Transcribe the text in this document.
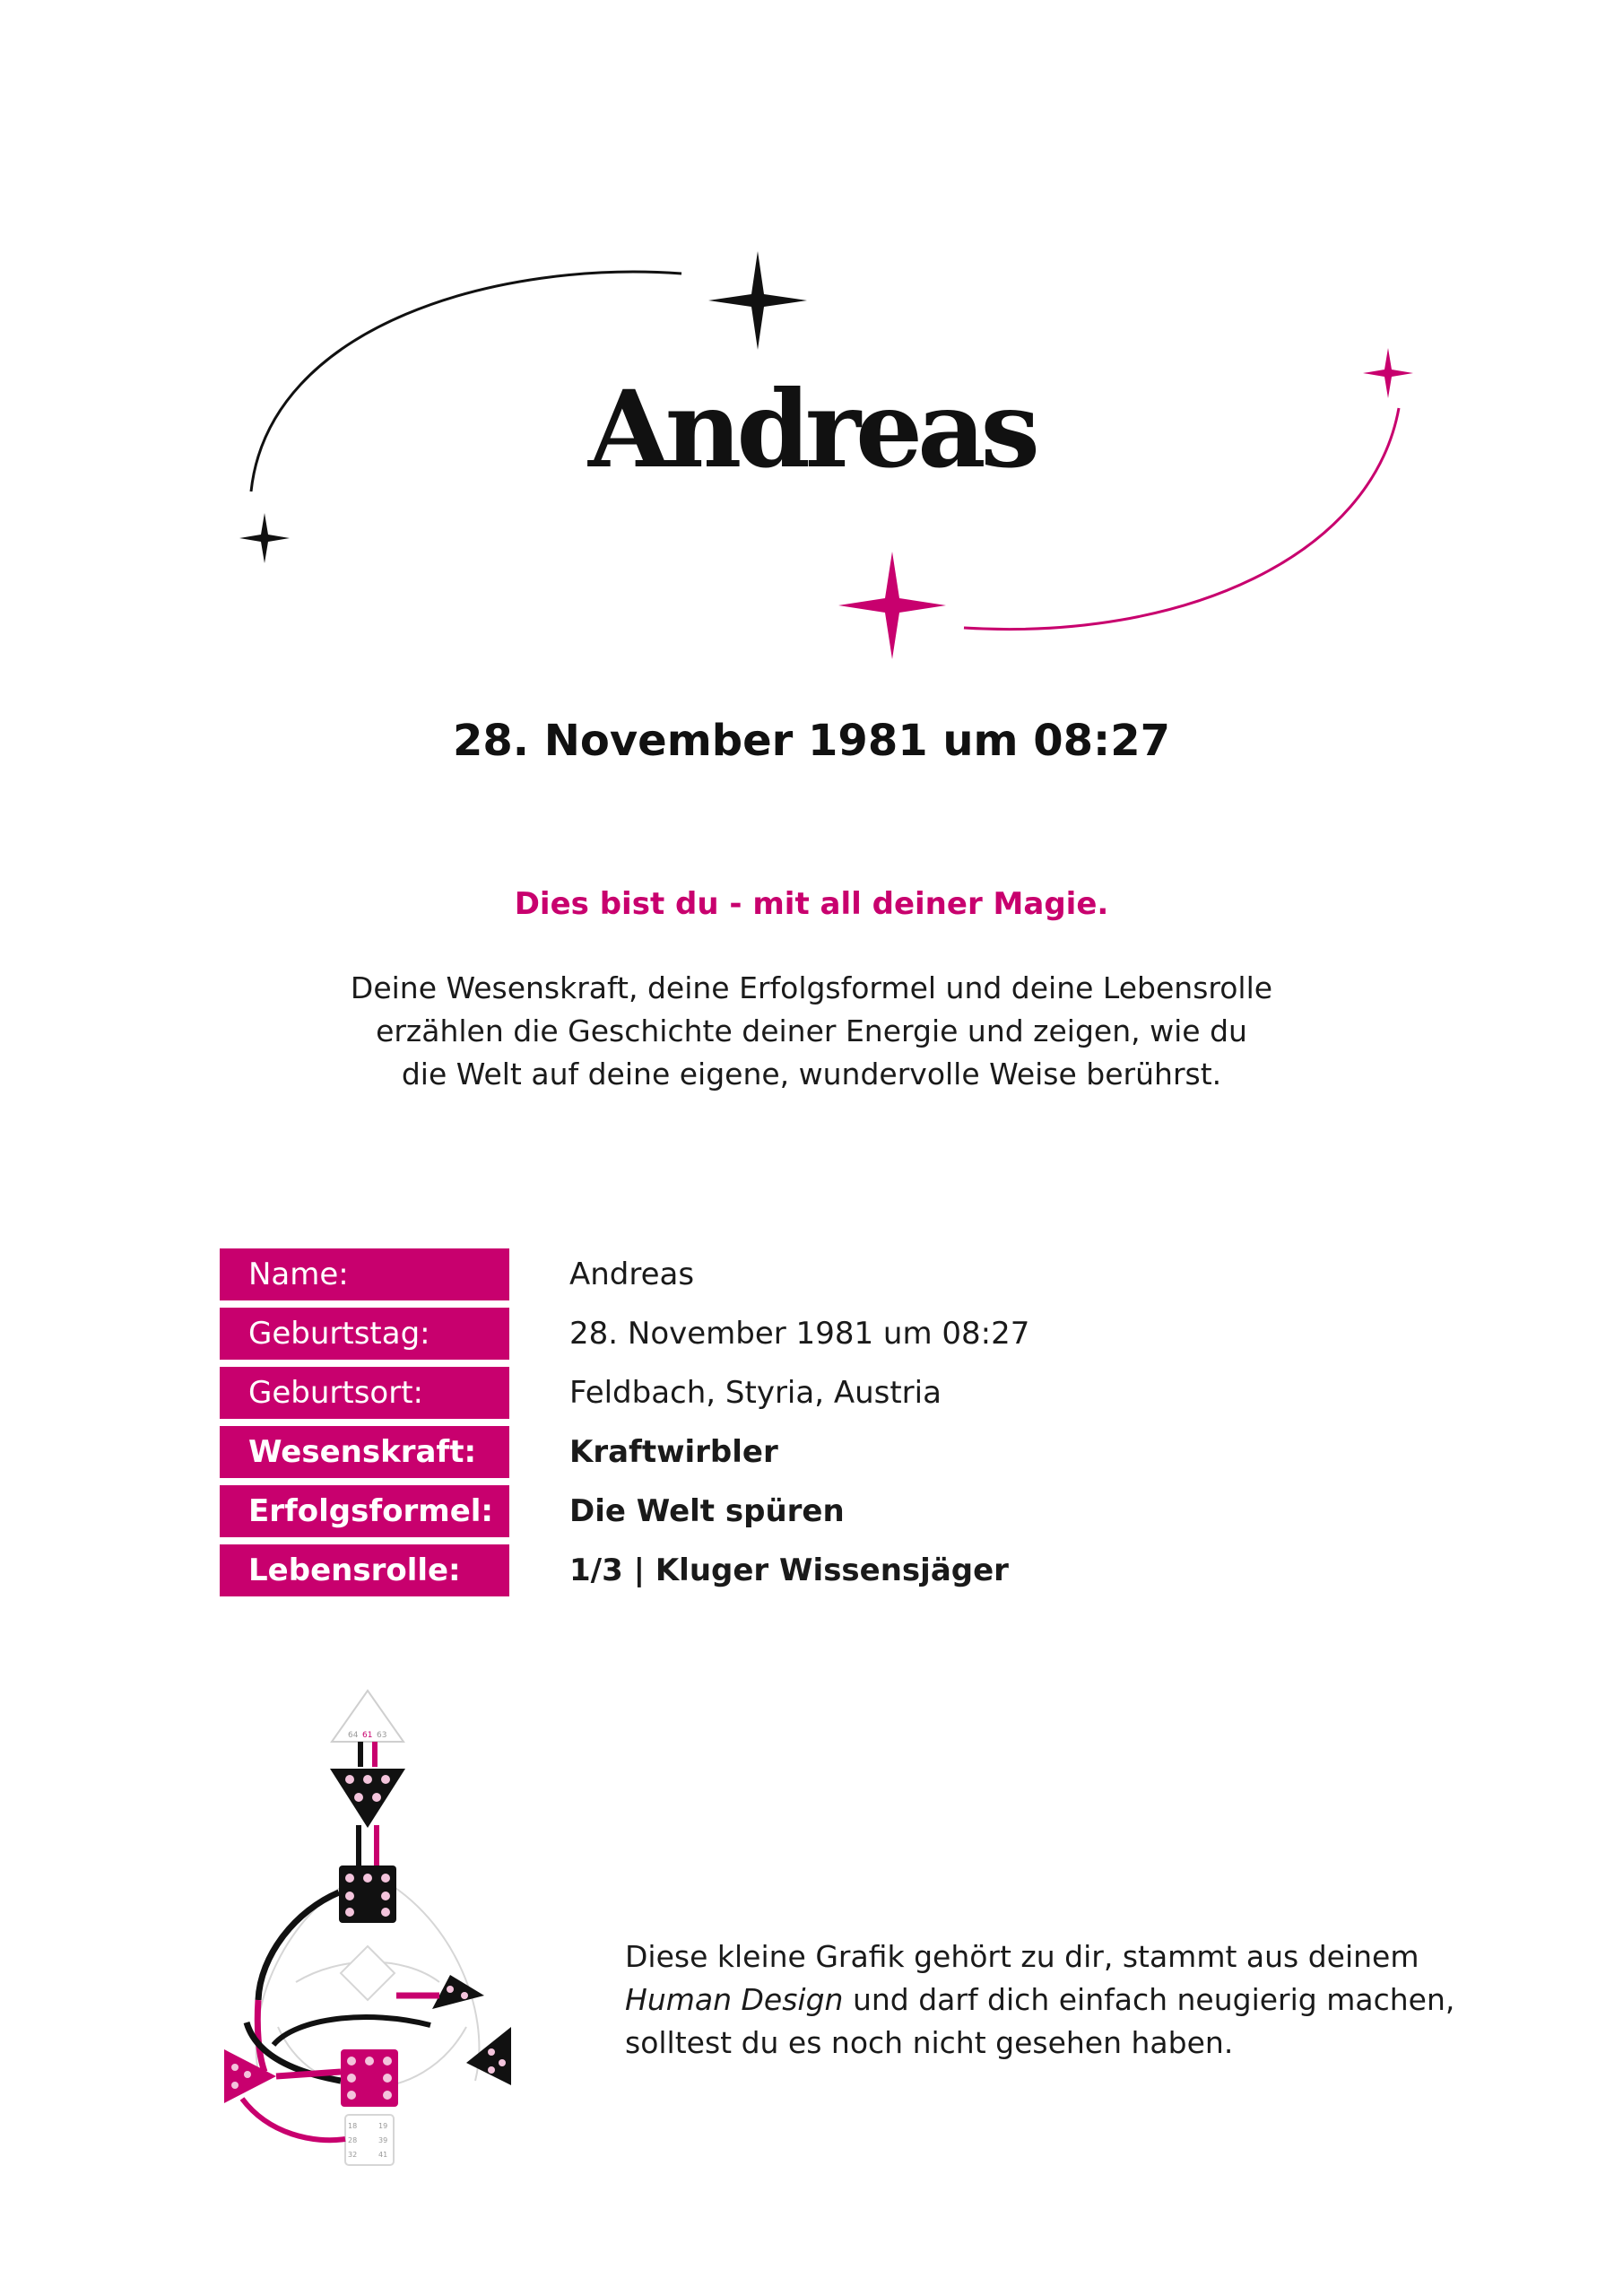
Andreas
28. November 1981 um 08:27
Dies bist du - mit all deiner Magie.
Deine Wesenskraft, deine Erfolgsformel und deine Lebensrolle
erzählen die Geschichte deiner Energie und zeigen, wie du
die Welt auf deine eigene, wundervolle Weise berührst.
Name:	Andreas
Geburtstag:	28. November 1981 um 08:27
Geburtsort:	Feldbach, Styria, Austria
Wesenskraft:	Kraftwirbler
Erfolgsformel:	Die Welt spüren
Lebensrolle:	1/3 | Kluger Wissensjäger
64 61 63
18
28
32
19
39
41
Diese kleine Grafik gehört zu dir, stammt aus deinem
Human Design und darf dich einfach neugierig machen,
solltest du es noch nicht gesehen haben.
